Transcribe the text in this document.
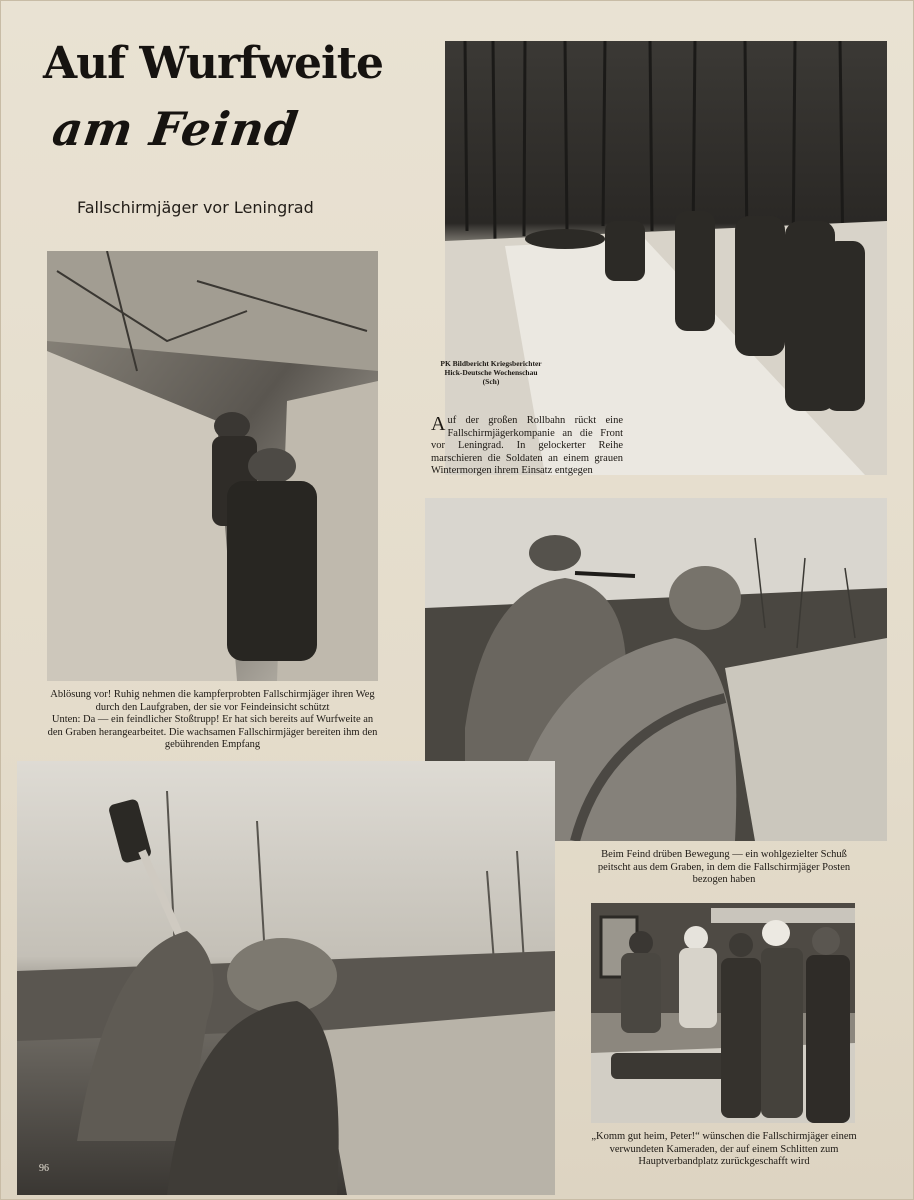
Auf Wurfweite
am Feind
Fallschirmjäger vor Leningrad
PK Bildbericht Kriegsberichter
Hick-Deutsche Wochenschau
(Sch)
Auf der großen Rollbahn rückt eine Fallschirmjägerkompanie an die Front vor Leningrad. In gelockerter Reihe marschieren die Soldaten an einem grauen Wintermorgen ihrem Einsatz entgegen
Ablösung vor! Ruhig nehmen die kampferprobten Fallschirmjäger ihren Weg durch den Laufgraben, der sie vor Feindeinsicht schützt
Unten: Da — ein feindlicher Stoßtrupp! Er hat sich bereits auf Wurfweite an den Graben herangearbeitet. Die wachsamen Fallschirmjäger bereiten ihm den gebührenden Empfang
Beim Feind drüben Bewegung — ein wohlgezielter Schuß peitscht aus dem Graben, in dem die Fallschirmjäger Posten bezogen haben
96
„Komm gut heim, Peter!“ wünschen die Fallschirmjäger einem verwundeten Kameraden, der auf einem Schlitten zum Hauptverbandplatz zurückgeschafft wird
